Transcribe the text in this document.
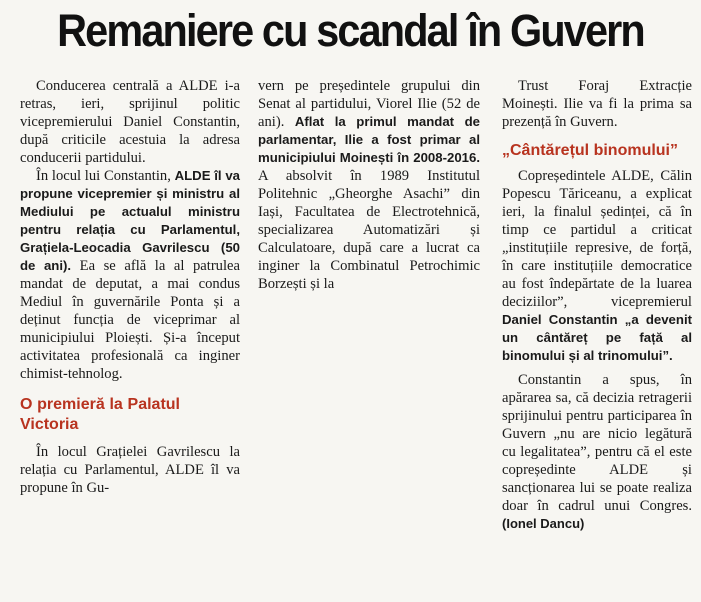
Remaniere cu scandal în Guvern

Conducerea centrală a ALDE i-a retras, ieri, sprijinul politic vicepremierului Daniel Constantin, după criticile acestuia la adresa conducerii partidului.

În locul lui Constantin, ALDE îl va propune vicepremier și ministru al Mediului pe actualul ministru pentru relația cu Parlamentul, Grațiela-Leocadia Gavrilescu (50 de ani). Ea se află la al patrulea mandat de deputat, a mai condus Mediul în guvernările Ponta și a deținut funcția de viceprimar al municipiului Ploiești. Și-a început activitatea profesională ca inginer chimist-tehnolog.

O premieră la Palatul Victoria

În locul Grațielei Gavrilescu la relația cu Parlamentul, ALDE îl va propune în Gu-

vern pe președintele grupului din Senat al partidului, Viorel Ilie (52 de ani). Aflat la primul mandat de parlamentar, Ilie a fost primar al municipiului Moinești în 2008-2016. A absolvit în 1989 Institutul Politehnic „Gheorghe Asachi” din Iași, Facultatea de Electrotehnică, specializarea Automatizări și Calculatoare, după care a lucrat ca inginer la Combinatul Petrochimic Borzești și la

Trust Foraj Extracție Moinești. Ilie va fi la prima sa prezență în Guvern.

„Cântărețul binomului”

Copreședintele ALDE, Călin Popescu Tăriceanu, a explicat ieri, la finalul ședinței, că în timp ce partidul a criticat „instituțiile represive, de forță, în care instituțiile democratice au fost îndepărtate de la luarea deciziilor”, vicepremierul Daniel Constantin „a devenit un cântăreț pe față al binomului și al trinomului”.

Constantin a spus, în apărarea sa, că decizia retragerii sprijinului pentru participarea în Guvern „nu are nicio legătură cu legalitatea”, pentru că el este copreședinte ALDE și sancționarea lui se poate realiza doar în cadrul unui Congres. (Ionel Dancu)
